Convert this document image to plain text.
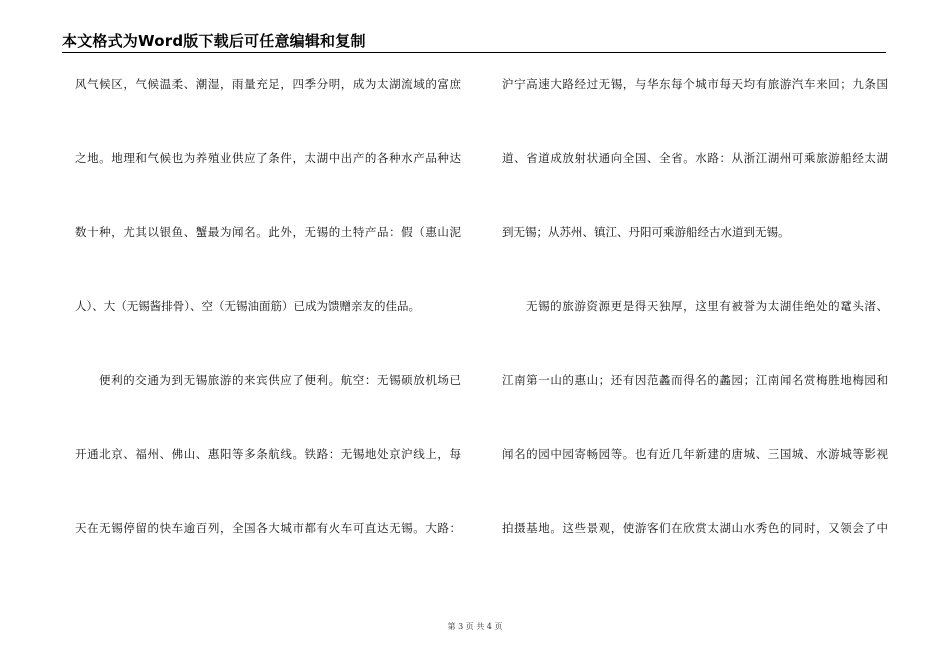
本文格式为Word版下载后可任意编辑和复制
风气候区，气候温柔、潮湿，雨量充足，四季分明，成为太湖流域的富庶
之地。地理和气候也为养殖业供应了条件，太湖中出产的各种水产品种达
数十种，尤其以银鱼、蟹最为闻名。此外，无锡的土特产品：假（惠山泥
人）、大（无锡酱排骨）、空（无锡油面筋）已成为馈赠亲友的佳品。
便利的交通为到无锡旅游的来宾供应了便利。航空：无锡硕放机场已
开通北京、福州、佛山、惠阳等多条航线。铁路：无锡地处京沪线上，每
天在无锡停留的快车逾百列，全国各大城市都有火车可直达无锡。大路：
沪宁高速大路经过无锡，与华东每个城市每天均有旅游汽车来回；九条国
道、省道成放射状通向全国、全省。水路：从浙江湖州可乘旅游船经太湖
到无锡；从苏州、镇江、丹阳可乘游船经古水道到无锡。
无锡的旅游资源更是得天独厚，这里有被誉为太湖佳绝处的鼋头渚、
江南第一山的惠山；还有因范蠡而得名的蠡园；江南闻名赏梅胜地梅园和
闻名的园中园寄畅园等。也有近几年新建的唐城、三国城、水游城等影视
拍摄基地。这些景观，使游客们在欣赏太湖山水秀色的同时，又领会了中
第 3 页 共 4 页
